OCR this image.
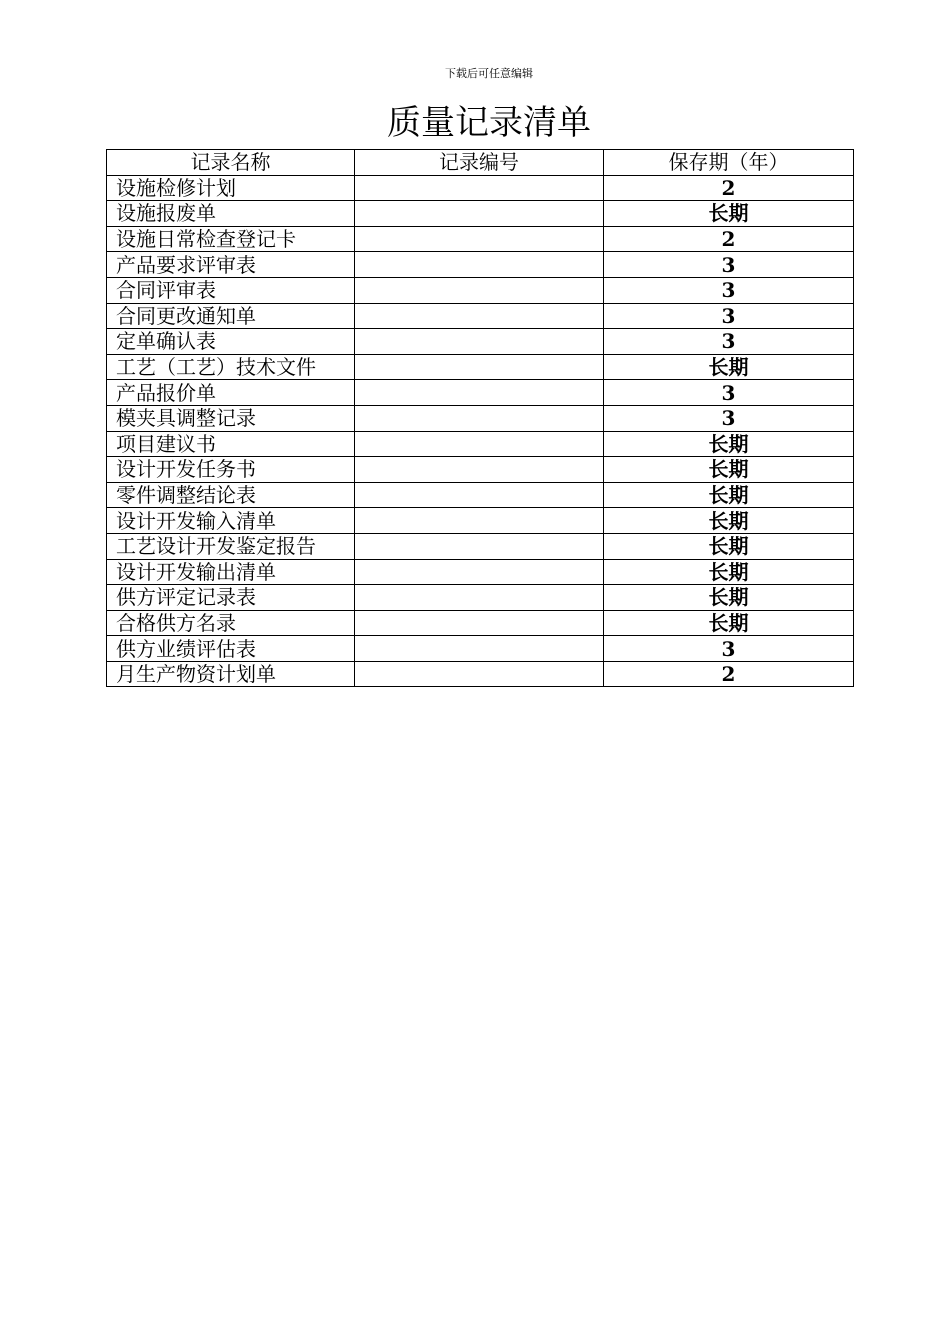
下载后可任意编辑
质量记录清单
记录名称	记录编号	保存期（年）
设施检修计划		2
设施报废单		长期
设施日常检查登记卡		2
产品要求评审表		3
合同评审表		3
合同更改通知单		3
定单确认表		3
工艺（工艺）技术文件		长期
产品报价单		3
模夹具调整记录		3
项目建议书		长期
设计开发任务书		长期
零件调整结论表		长期
设计开发输入清单		长期
工艺设计开发鉴定报告		长期
设计开发输出清单		长期
供方评定记录表		长期
合格供方名录		长期
供方业绩评估表		3
月生产物资计划单		2
